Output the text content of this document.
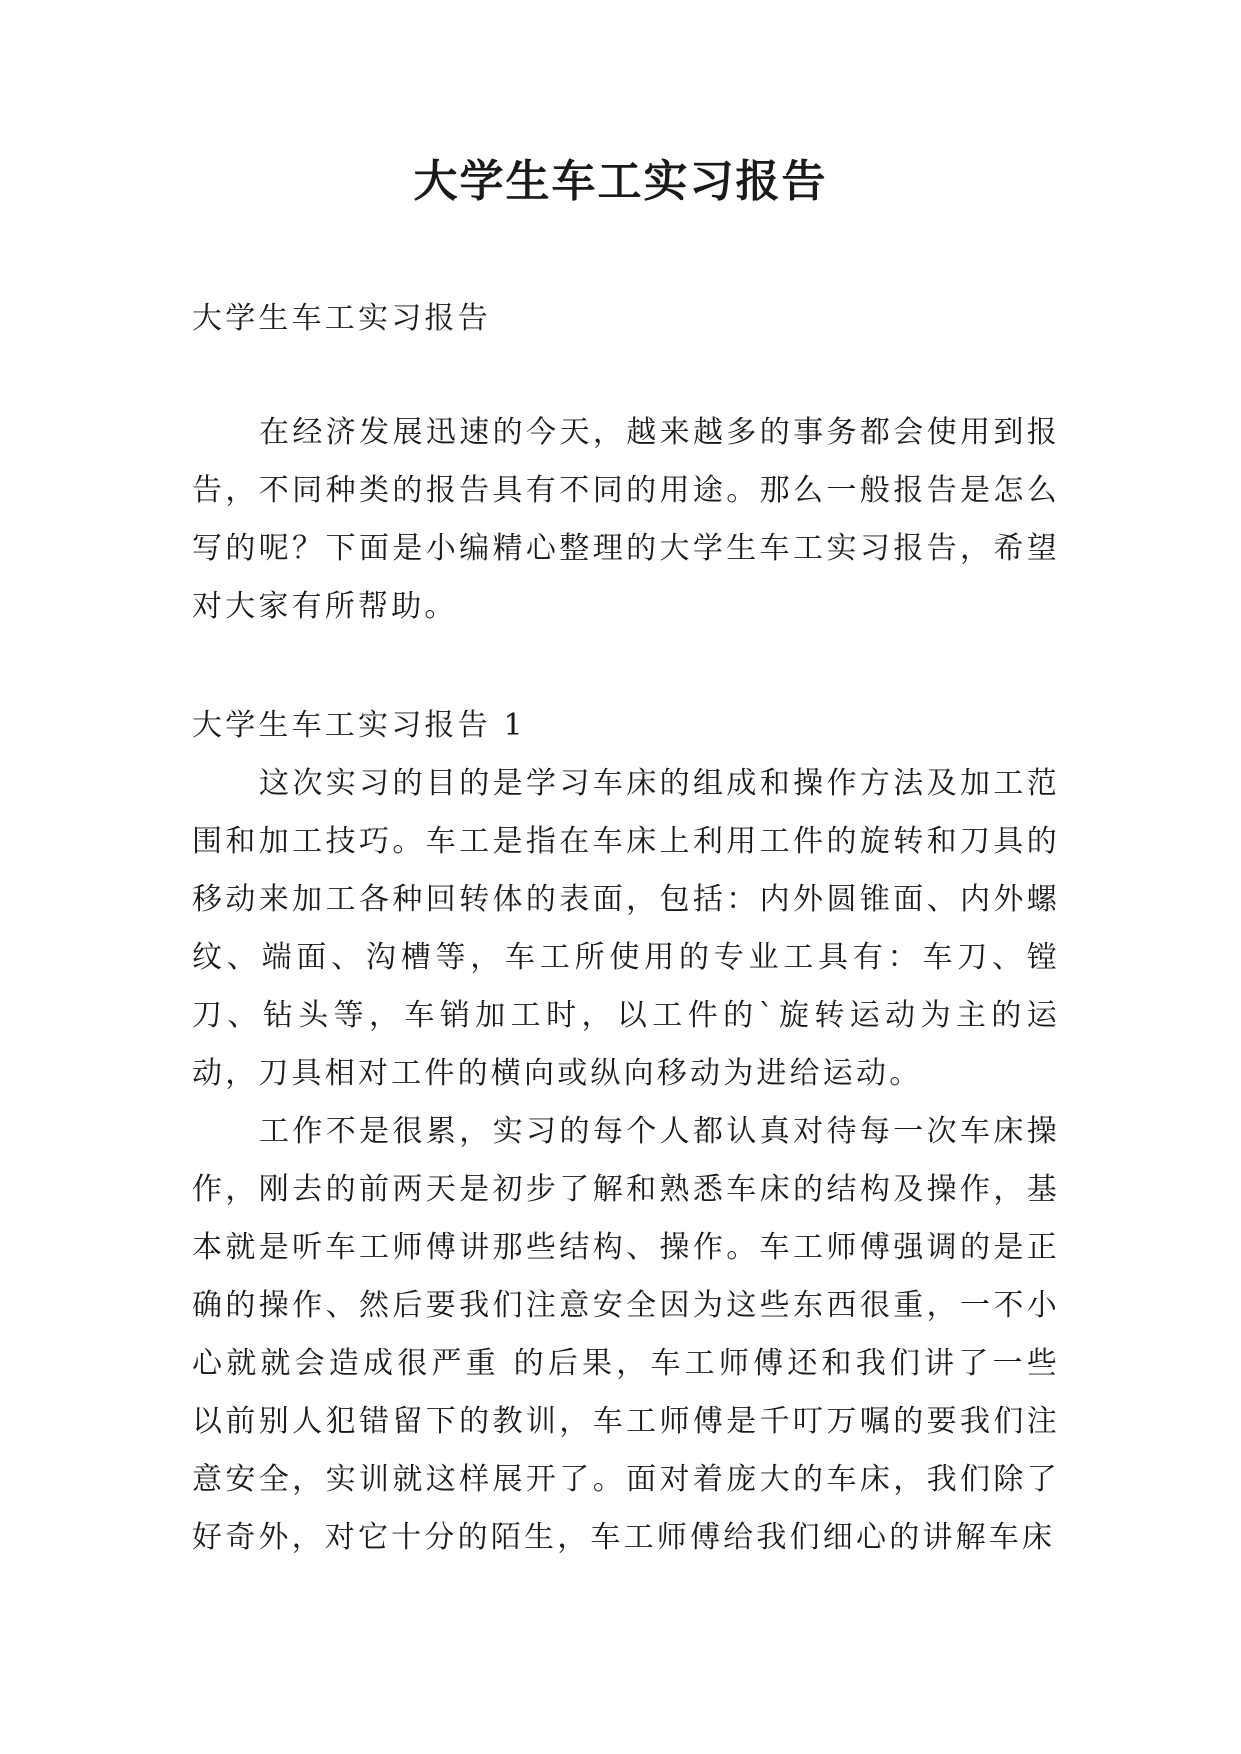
大学生车工实习报告

大学生车工实习报告

在经济发展迅速的今天，越来越多的事务都会使用到报告，不同种类的报告具有不同的用途。那么一般报告是怎么写的呢？下面是小编精心整理的大学生车工实习报告，希望对大家有所帮助。

大学生车工实习报告 1

这次实习的目的是学习车床的组成和操作方法及加工范围和加工技巧。车工是指在车床上利用工件的旋转和刀具的移动来加工各种回转体的表面，包括：内外圆锥面、内外螺纹、端面、沟槽等，车工所使用的专业工具有：车刀、镗刀、钻头等，车销加工时，以工件的`旋转运动为主的运动，刀具相对工件的横向或纵向移动为进给运动。

工作不是很累，实习的每个人都认真对待每一次车床操作，刚去的前两天是初步了解和熟悉车床的结构及操作，基本就是听车工师傅讲那些结构、操作。车工师傅强调的是正确的操作、然后要我们注意安全因为这些东西很重，一不小心就就会造成很严重 的后果，车工师傅还和我们讲了一些以前别人犯错留下的教训，车工师傅是千叮万嘱的要我们注意安全，实训就这样展开了。面对着庞大的车床，我们除了好奇外，对它十分的陌生，车工师傅给我们细心的讲解车床
